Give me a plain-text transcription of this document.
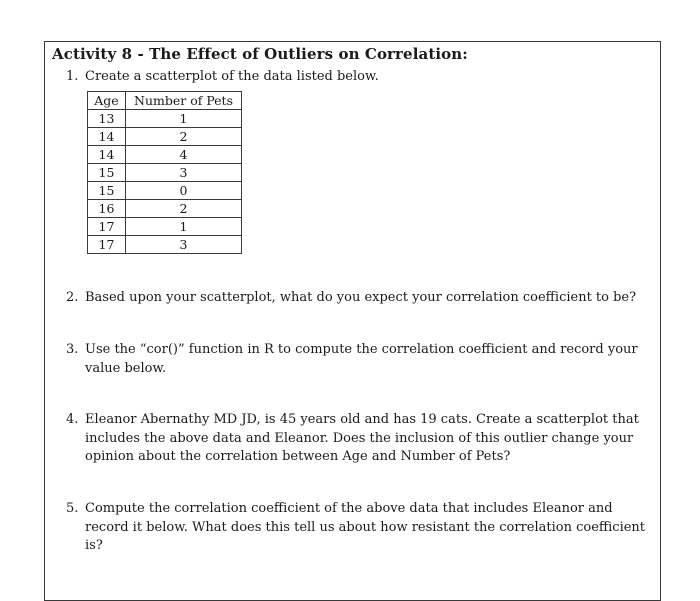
Activity 8 - The Effect of Outliers on Correlation:
1. Create a scatterplot of the data listed below.
Age	Number of Pets
13	1
14	2
14	4
15	3
15	0
16	2
17	1
17	3
2. Based upon your scatterplot, what do you expect your correlation coefficient to be?
3. Use the “cor()” function in R to compute the correlation coefficient and record your value below.
4. Eleanor Abernathy MD JD, is 45 years old and has 19 cats. Create a scatterplot that includes the above data and Eleanor. Does the inclusion of this outlier change your opinion about the correlation between Age and Number of Pets?
5. Compute the correlation coefficient of the above data that includes Eleanor and record it below. What does this tell us about how resistant the correlation coefficient is?
